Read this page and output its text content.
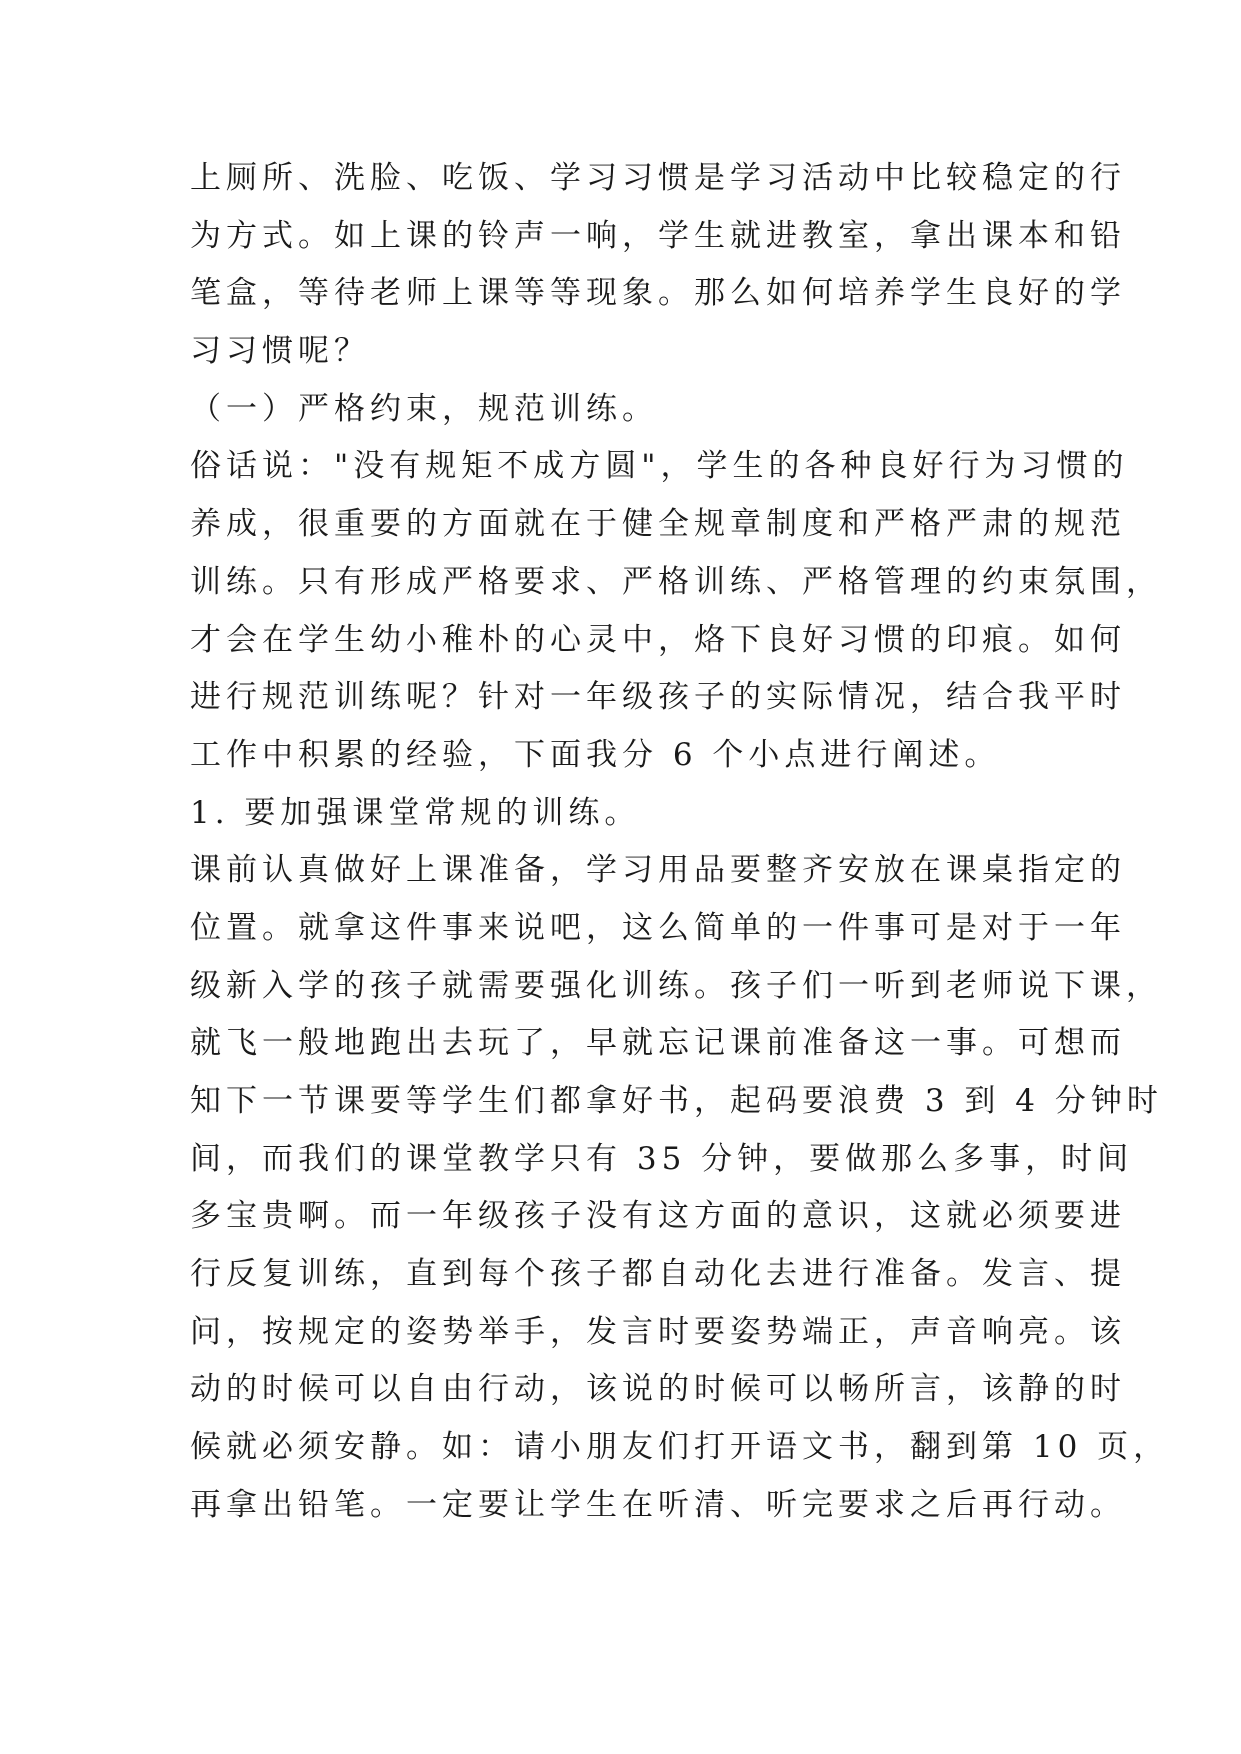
上厕所、洗脸、吃饭、学习习惯是学习活动中比较稳定的行
为方式。如上课的铃声一响，学生就进教室，拿出课本和铅
笔盒，等待老师上课等等现象。那么如何培养学生良好的学
习习惯呢？
（一）严格约束，规范训练。
俗话说："没有规矩不成方圆"，学生的各种良好行为习惯的
养成，很重要的方面就在于健全规章制度和严格严肃的规范
训练。只有形成严格要求、严格训练、严格管理的约束氛围，
才会在学生幼小稚朴的心灵中，烙下良好习惯的印痕。如何
进行规范训练呢？针对一年级孩子的实际情况，结合我平时
工作中积累的经验，下面我分 6 个小点进行阐述。
1. 要加强课堂常规的训练。
课前认真做好上课准备，学习用品要整齐安放在课桌指定的
位置。就拿这件事来说吧，这么简单的一件事可是对于一年
级新入学的孩子就需要强化训练。孩子们一听到老师说下课，
就飞一般地跑出去玩了，早就忘记课前准备这一事。可想而
知下一节课要等学生们都拿好书，起码要浪费 3 到 4 分钟时
间，而我们的课堂教学只有 35 分钟，要做那么多事，时间
多宝贵啊。而一年级孩子没有这方面的意识，这就必须要进
行反复训练，直到每个孩子都自动化去进行准备。发言、提
问，按规定的姿势举手，发言时要姿势端正，声音响亮。该
动的时候可以自由行动，该说的时候可以畅所言，该静的时
候就必须安静。如：请小朋友们打开语文书，翻到第 10 页，
再拿出铅笔。一定要让学生在听清、听完要求之后再行动。
